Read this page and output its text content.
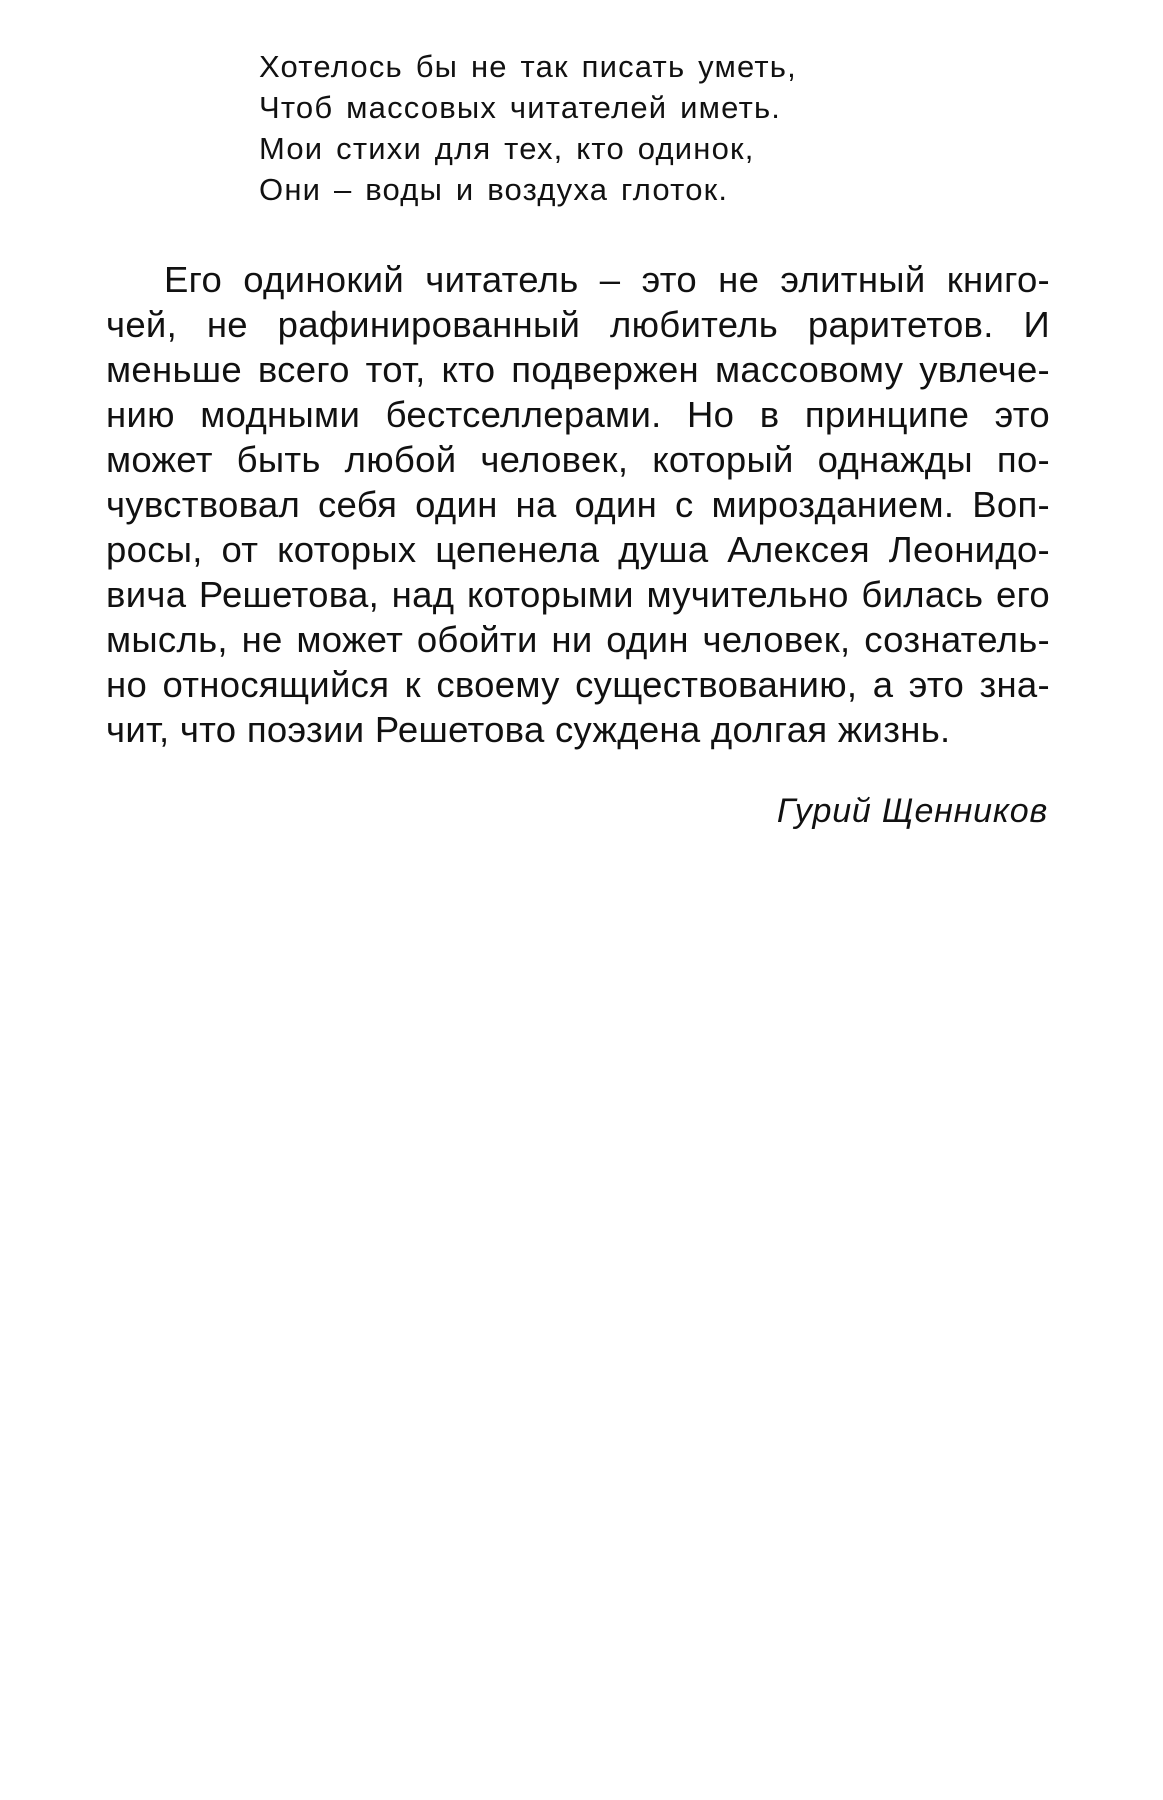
Хотелось бы не так писать уметь,
Чтоб массовых читателей иметь.
Мои стихи для тех, кто одинок,
Они – воды и воздуха глоток.
Его одинокий читатель – это не элитный книго-
чей, не рафинированный любитель раритетов. И
меньше всего тот, кто подвержен массовому увлече-
нию модными бестселлерами. Но в принципе это
может быть любой человек, который однажды по-
чувствовал себя один на один с мирозданием. Воп-
росы, от которых цепенела душа Алексея Леонидо-
вича Решетова, над которыми мучительно билась его
мысль, не может обойти ни один человек, сознатель-
но относящийся к своему существованию, а это зна-
чит, что поэзии Решетова суждена долгая жизнь.
Гурий Щенников
